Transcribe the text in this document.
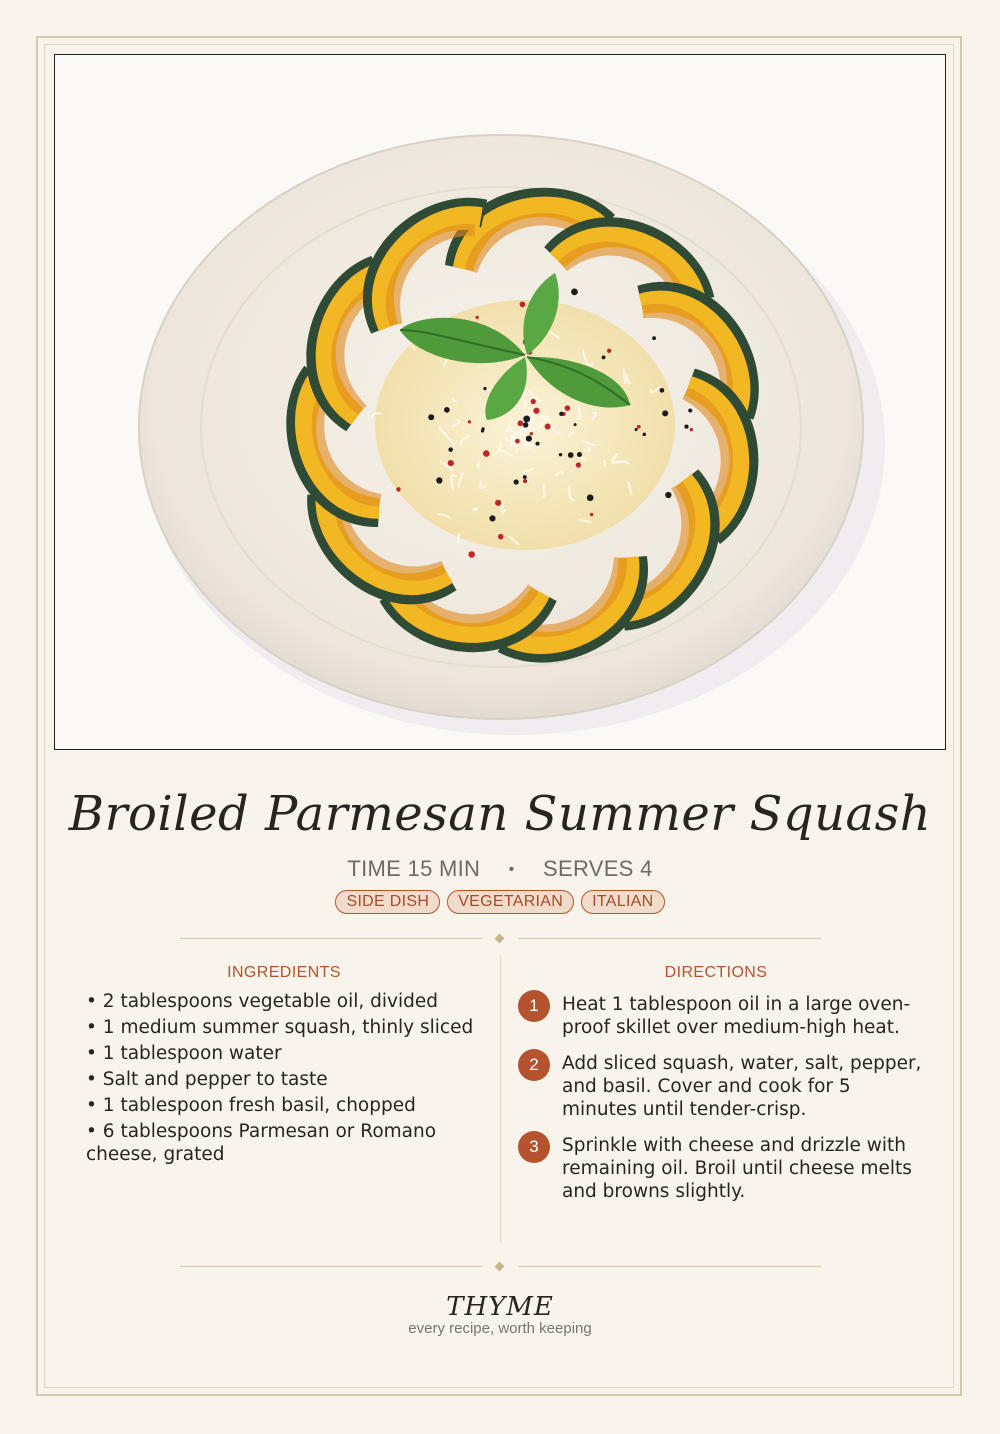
Broiled Parmesan Summer Squash
TIME 15 MIN • SERVES 4
SIDE DISH VEGETARIAN ITALIAN
INGREDIENTS
• 2 tablespoons vegetable oil, divided
• 1 medium summer squash, thinly sliced
• 1 tablespoon water
• Salt and pepper to taste
• 1 tablespoon fresh basil, chopped
• 6 tablespoons Parmesan or Romano cheese, grated
DIRECTIONS
1	Heat 1 tablespoon oil in a large oven-proof skillet over medium-high heat.
2	Add sliced squash, water, salt, pepper, and basil. Cover and cook for 5 minutes until tender-crisp.
3	Sprinkle with cheese and drizzle with remaining oil. Broil until cheese melts and browns slightly.
THYME
every recipe, worth keeping
